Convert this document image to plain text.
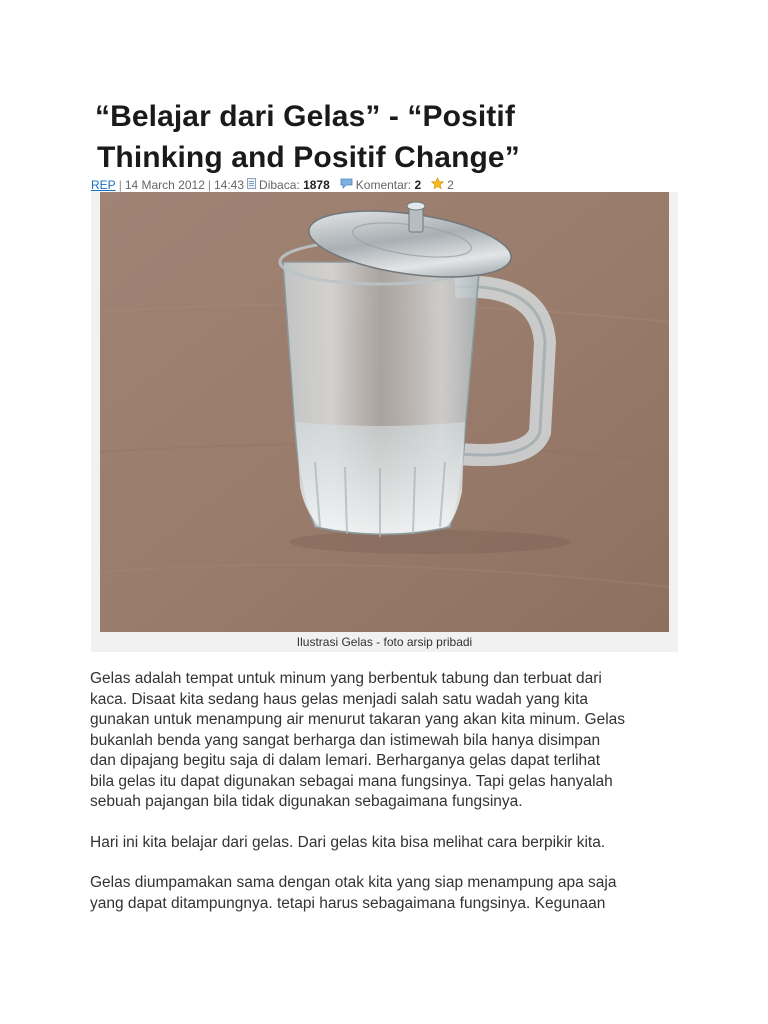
“Belajar dari Gelas” - “Positif
Thinking and Positif Change”
REP | 14 March 2012 | 14:43 Dibaca:
1878 Komentar:
2 2
Ilustrasi Gelas - foto arsip pribadi

Gelas adalah tempat untuk minum yang berbentuk tabung dan terbuat dari
kaca. Disaat kita sedang haus gelas menjadi salah satu wadah yang kita
gunakan untuk menampung air menurut takaran yang akan kita minum. Gelas
bukanlah benda yang sangat berharga dan istimewah bila hanya disimpan
dan dipajang begitu saja di dalam lemari. Berharganya gelas dapat terlihat
bila gelas itu dapat digunakan sebagai mana fungsinya. Tapi gelas hanyalah
sebuah pajangan bila tidak digunakan sebagaimana fungsinya.

Hari ini kita belajar dari gelas. Dari gelas kita bisa melihat cara berpikir kita.

Gelas diumpamakan sama dengan otak kita yang siap menampung apa saja
yang dapat ditampungnya. tetapi harus sebagaimana fungsinya. Kegunaan
